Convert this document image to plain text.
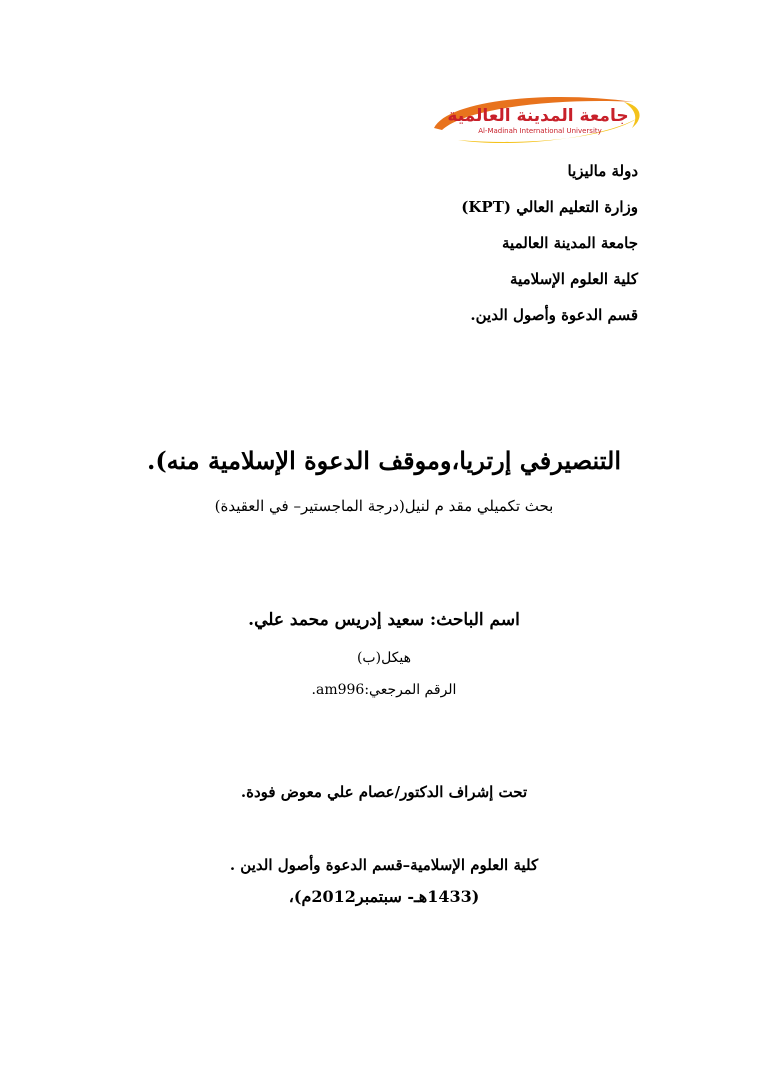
جامعة المدينة العالمية
Al-Madinah International University
دولة ماليزيا
وزارة التعليم العالي (KPT)
جامعة المدينة العالمية
كلية العلوم الإسلامية
قسم الدعوة وأصول الدين.
التنصيرفي إرتريا،وموقف الدعوة الإسلامية منه).
بحث تكميلي مقد م لنيل(درجة الماجستير– في العقيدة)
اسم الباحث: سعيد إدريس محمد علي.
هيكل(ب)
الرقم المرجعي:am996.
تحت إشراف الدكتور/عصام علي معوض فودة.
كلية العلوم الإسلامية–قسم الدعوة وأصول الدين .
(1433هـ- سبتمبر2012م)،
